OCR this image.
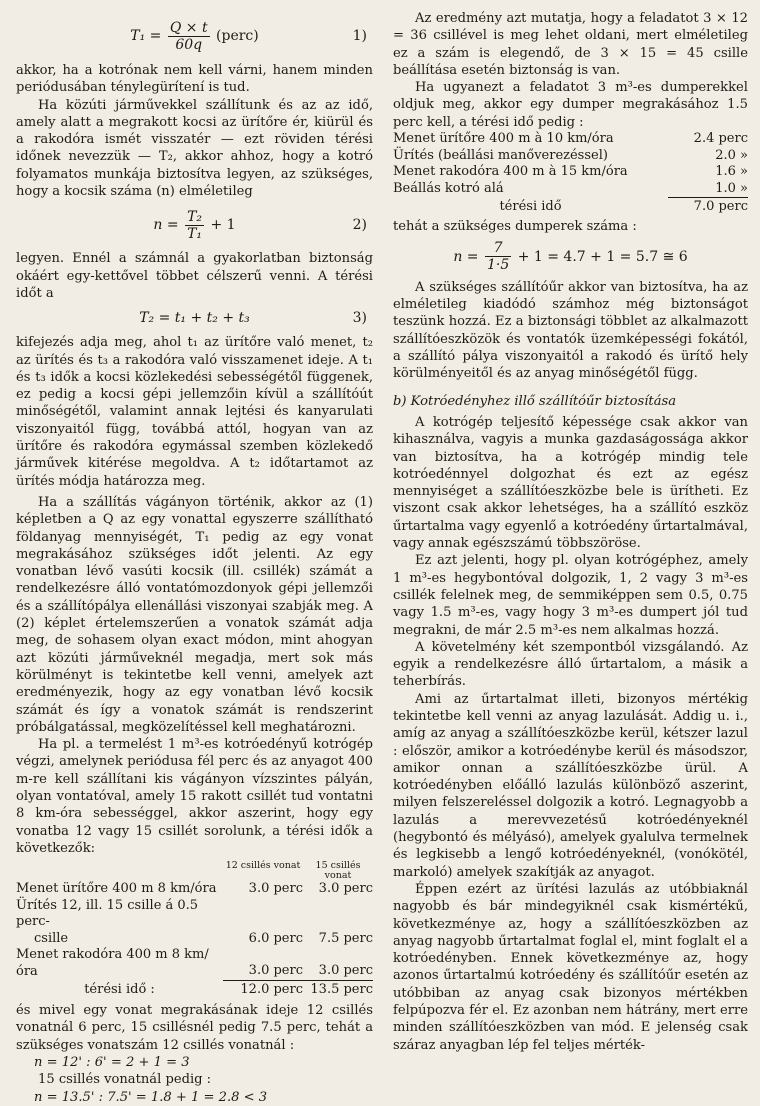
$T_1 = \frac{Q \times t}{60q}$ (perc)	1)

akkor, ha a kotrónak nem kell várni, hanem minden periódusában ténylegürítení is tud.

Ha közúti járművekkel szállítunk és az az idő, amely alatt a megrakott kocsi az ürítőre ér, kiürül és a rakodóra ismét visszatér — ezt röviden térési időnek nevezzük — T₂, akkor ahhoz, hogy a kotró folyamatos munkája biztosítva legyen, az szükséges, hogy a kocsik száma (n) elméletileg

$n = \frac{\text{T₂}}{\text{T₁}} + 1$	2)

legyen. Ennél a számnál a gyakorlatban biztonság okáért egy-kettővel többet célszerű venni. A térési időt a

T₂ = t₁ + t₂ + t₃	3)

kifejezés adja meg, ahol t₁ az ürítőre való menet, t₂ az ürítés és t₃ a rakodóra való visszamenet ideje. A t₁ és t₃ idők a kocsi közlekedési sebességétől függenek, ez pedig a kocsi gépi jellemzőin kívül a szállítóút minőségétől, valamint annak lejtési és kanyarulati viszonyaitól függ, továbbá attól, hogyan van az ürítőre és rakodóra egymással szemben közlekedő járművek kitérése megoldva. A t₂ időtartamot az ürítés módja határozza meg.

Ha a szállítás vágányon történik, akkor az (1) képletben a Q az egy vonattal egyszerre szállítható földanyag mennyiségét, T₁ pedig az egy vonat megrakásához szükséges időt jelenti. Az egy vonatban lévő vasúti kocsik (ill. csillék) számát a rendelkezésre álló vontatómozdonyok gépi jellemzői és a szállítópálya ellenállási viszonyai szabják meg. A (2) képlet értelemszerűen a vonatok számát adja meg, de sohasem olyan exact módon, mint ahogyan azt közúti járműveknél megadja, mert sok más körülményt is tekintetbe kell venni, amelyek azt eredményezik, hogy az egy vonatban lévő kocsik számát és így a vonatok számát is rendszerint próbálgatással, megközelítéssel kell meghatározni.

Ha pl. a termelést 1 m³-es kotróedényű kotrógép végzi, amelynek periódusa fél perc és az anyagot 400 m-re kell szállítani kis vágányon vízszintes pályán, olyan vontatóval, amely 15 rakott csillét tud vontatni 8 km-óra sebességgel, akkor aszerint, hogy egy vonatba 12 vagy 15 csillét sorolunk, a térési idők a következők:

	12 csillés vonat	15 csillés vonat
Menet ürítőre 400 m 8 km/óra	3.0 perc	3.0 perc
Ürítés 12, ill. 15 csille á 0.5 perc-		
csille	6.0 perc	7.5 perc
Menet rakodóra 400 m 8 km/óra	3.0 perc	3.0 perc
térési idő :	12.0 perc	13.5 perc

és mivel egy vonat megrakásának ideje 12 csillés vonatnál 6 perc, 15 csillésnél pedig 7.5 perc, tehát a szükséges vonatszám 12 csillés vonatnál :

n = 12' : 6' = 2 + 1 = 3

15 csillés vonatnál pedig :

n = 13.5' : 7.5' = 1.8 + 1 = 2.8 < 3

Az eredmény azt mutatja, hogy a feladatot 3 × 12 = 36 csillével is meg lehet oldani, mert elméletileg ez a szám is elegendő, de 3 × 15 = 45 csille beállítása esetén biztonság is van.

Ha ugyanezt a feladatot 3 m³-es dumperekkel oldjuk meg, akkor egy dumper megrakásához 1.5 perc kell, a térési idő pedig :

Menet ürítőre 400 m à 10 km/óra	2.4 perc
Ürítés (beállási manőverezéssel)	2.0 »
Menet rakodóra 400 m à 15 km/óra	1.6 »
Beállás kotró alá	1.0 »
térési idő	7.0 perc

tehát a szükséges dumperek száma :

$n = \frac{7}{1\cdot 5} + 1 = 4.7 + 1 = 5.7$ ≅ 6

A szükséges szállítóűr akkor van biztosítva, ha az elméletileg kiadódó számhoz még biztonságot teszünk hozzá. Ez a biztonsági többlet az alkalmazott szállítóeszközök és vontatók üzemképességi fokától, a szállító pálya viszonyaitól a rakodó és ürítő hely körülményeitől és az anyag minőségétől függ.

b) Kotróedényhez illő szállítóűr biztosítása

A kotrógép teljesítő képessége csak akkor van kihasználva, vagyis a munka gazdaságossága akkor van biztosítva, ha a kotrógép mindig tele kotróedénnyel dolgozhat és ezt az egész mennyiséget a szállítóeszközbe bele is ürítheti. Ez viszont csak akkor lehetséges, ha a szállító eszköz űrtartalma vagy egyenlő a kotróedény űrtartalmával, vagy annak egészszámú többszöröse.

Ez azt jelenti, hogy pl. olyan kotrógéphez, amely 1 m³-es hegybontóval dolgozik, 1, 2 vagy 3 m³-es csillék felelnek meg, de semmiképpen sem 0.5, 0.75 vagy 1.5 m³-es, vagy hogy 3 m³-es dumpert jól tud megrakni, de már 2.5 m³-es nem alkalmas hozzá.

A követelmény két szempontból vizsgálandó. Az egyik a rendelkezésre álló űrtartalom, a másik a teherbírás.

Ami az űrtartalmat illeti, bizonyos mértékig tekintetbe kell venni az anyag lazulását. Addig u. i., amíg az anyag a szállítóeszközbe kerül, kétszer lazul : először, amikor a kotróedénybe kerül és másodszor, amikor onnan a szállítóeszközbe ürül. A kotróedényben előálló lazulás különböző aszerint, milyen felszereléssel dolgozik a kotró. Legnagyobb a lazulás a merevvezetésű kotróedényeknél (hegybontó és mélyásó), amelyek gyalulva termelnek és legkisebb a lengő kotróedényeknél, (vonókötél, markoló) amelyek szakítják az anyagot.

Éppen ezért az ürítési lazulás az utóbbiaknál nagyobb és bár mindegyiknél csak kismértékű, következménye az, hogy a szállítóeszközben az anyag nagyobb űrtartalmat foglal el, mint foglalt el a kotróedényben. Ennek következménye az, hogy azonos űrtartalmú kotróedény és szállítóűr esetén az utóbbiban az anyag csak bizonyos mértékben felpúpozva fér el. Ez azonban nem hátrány, mert erre minden szállítóeszközben van mód. E jelenség csak száraz anyagban lép fel teljes mérték-
